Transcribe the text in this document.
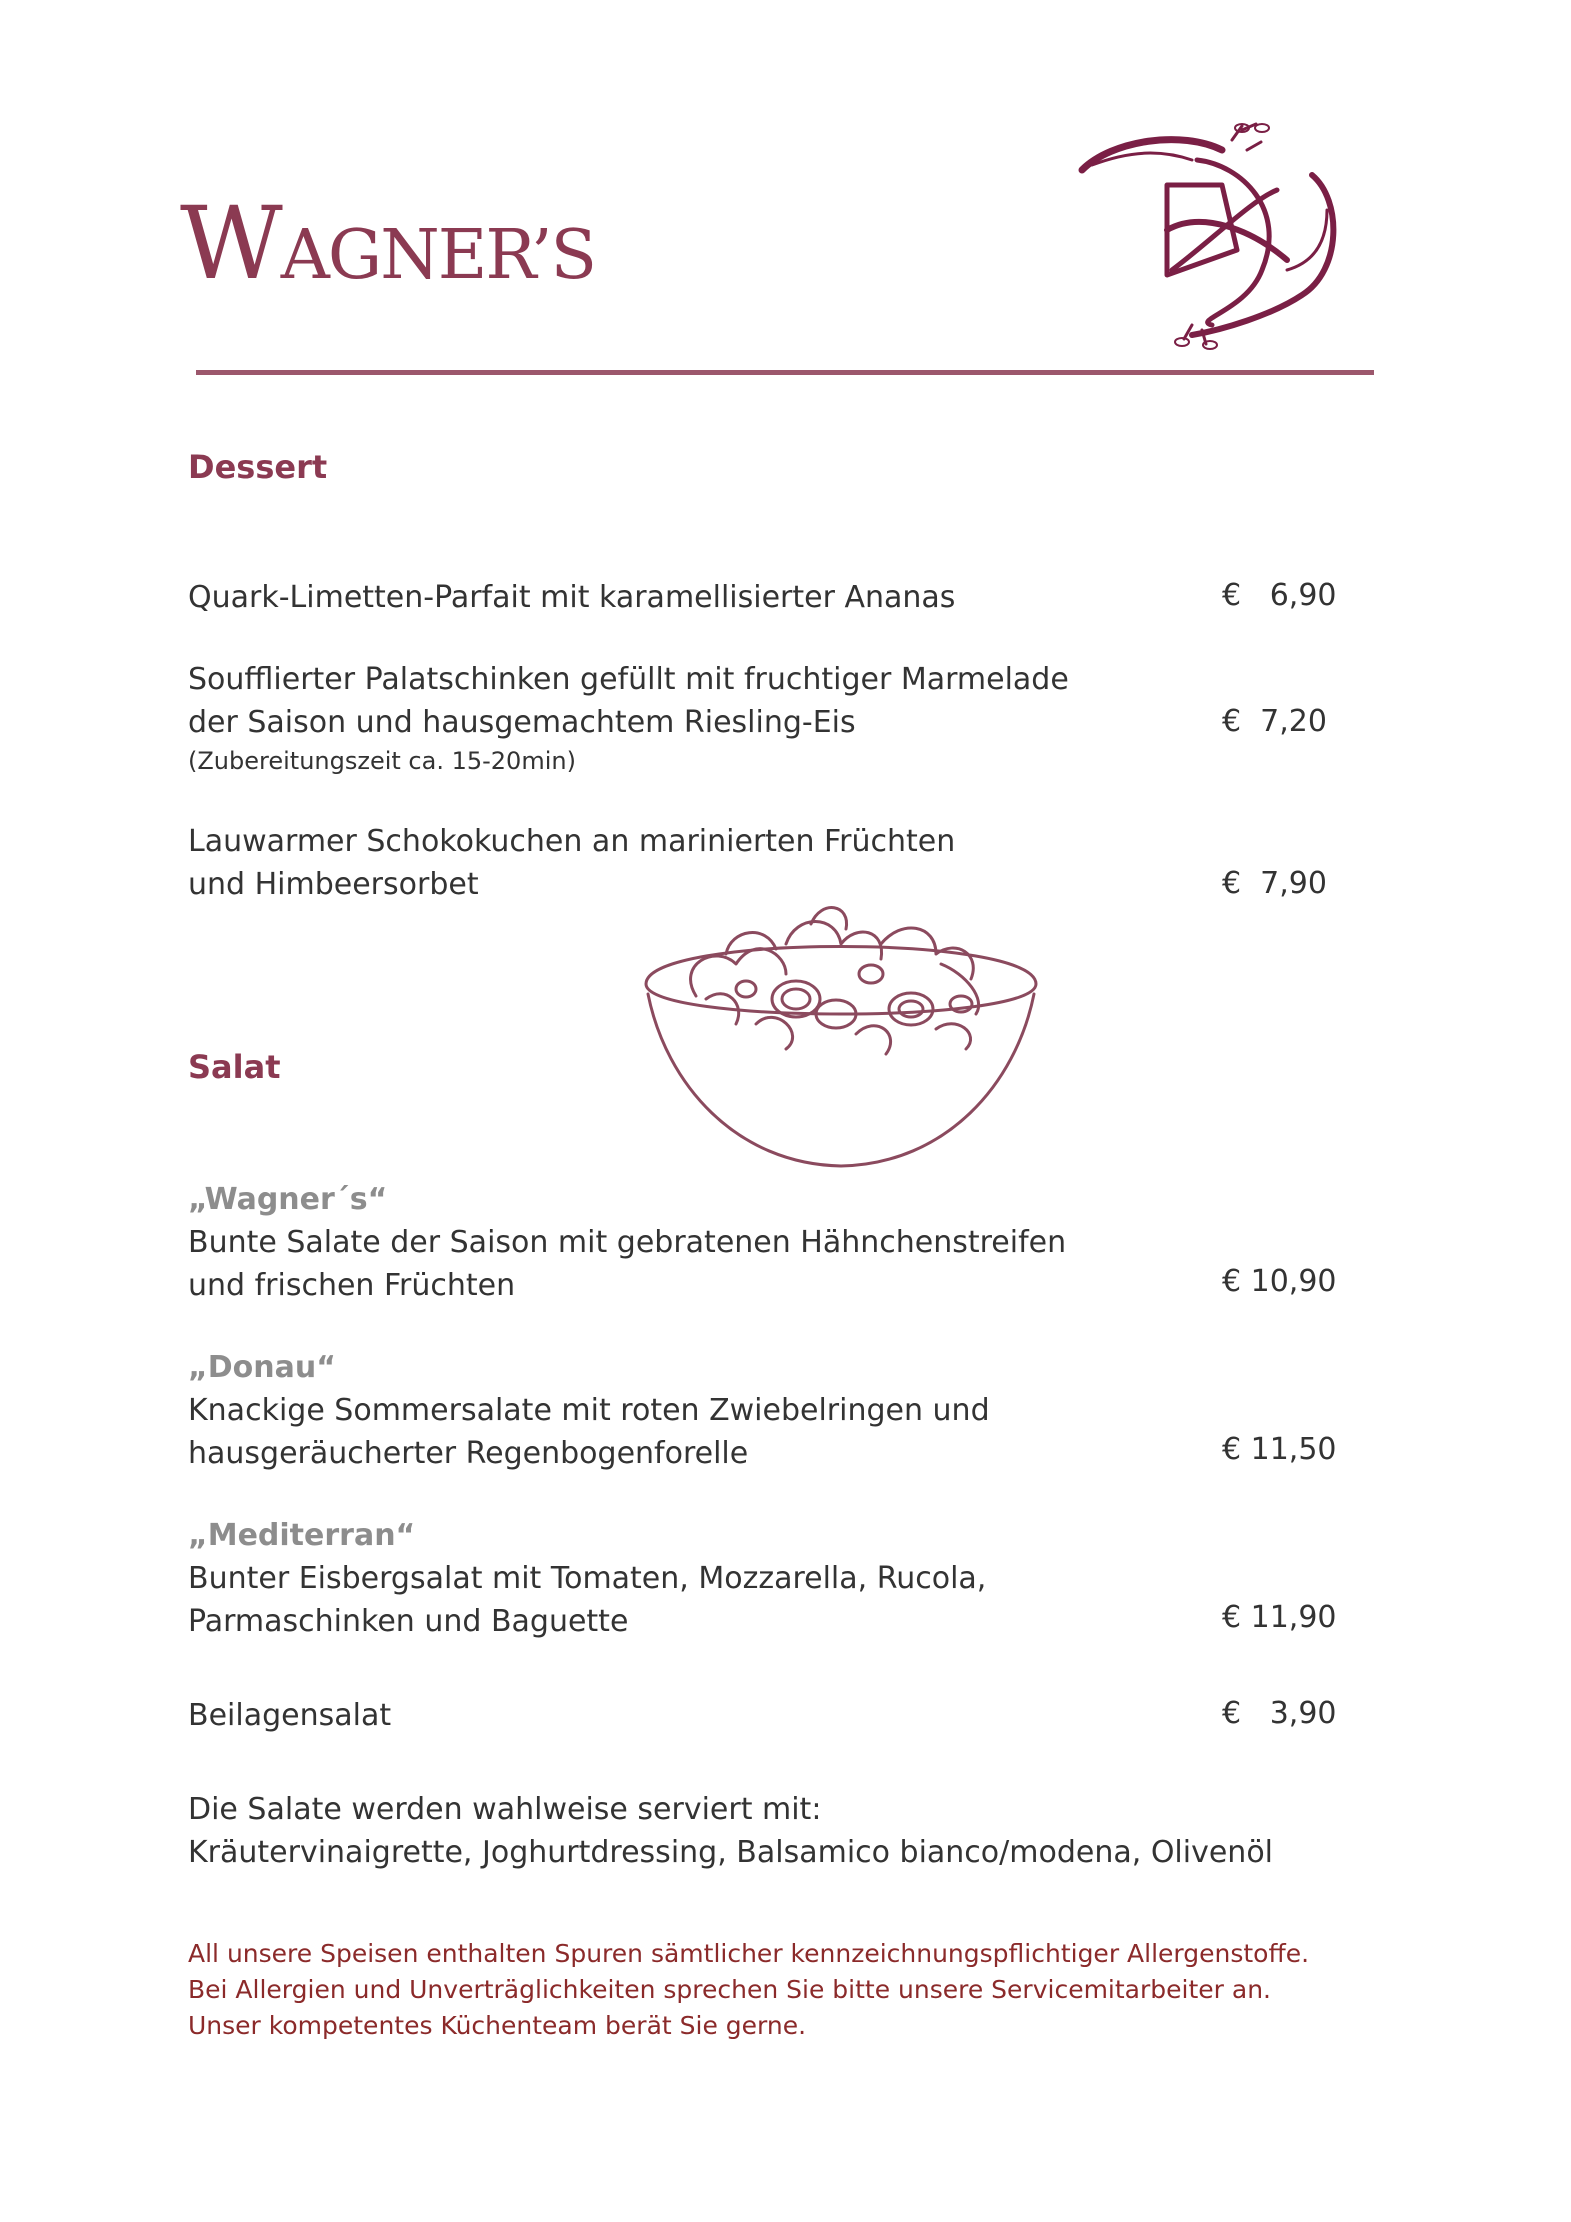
WAGNER’S
Dessert
Quark-Limetten-Parfait mit karamellisierter Ananas	€   6,90
Soufflierter Palatschinken gefüllt mit fruchtiger Marmelade
der Saison und hausgemachtem Riesling-Eis
(Zubereitungszeit ca. 15-20min)
€  7,20
Lauwarmer Schokokuchen an marinierten Früchten
und Himbeersorbet	€  7,90
Salat
„Wagner´s“
Bunte Salate der Saison mit gebratenen Hähnchenstreifen
und frischen Früchten	€ 10,90
„Donau“
Knackige Sommersalate mit roten Zwiebelringen und
hausgeräucherter Regenbogenforelle	€ 11,50
„Mediterran“
Bunter Eisbergsalat mit Tomaten, Mozzarella, Rucola,
Parmaschinken und Baguette	€ 11,90
Beilagensalat	€   3,90
Die Salate werden wahlweise serviert mit:
Kräutervinaigrette, Joghurtdressing, Balsamico bianco/modena, Olivenöl
All unsere Speisen enthalten Spuren sämtlicher kennzeichnungspflichtiger Allergenstoffe.
Bei Allergien und Unverträglichkeiten sprechen Sie bitte unsere Servicemitarbeiter an.
Unser kompetentes Küchenteam berät Sie gerne.
